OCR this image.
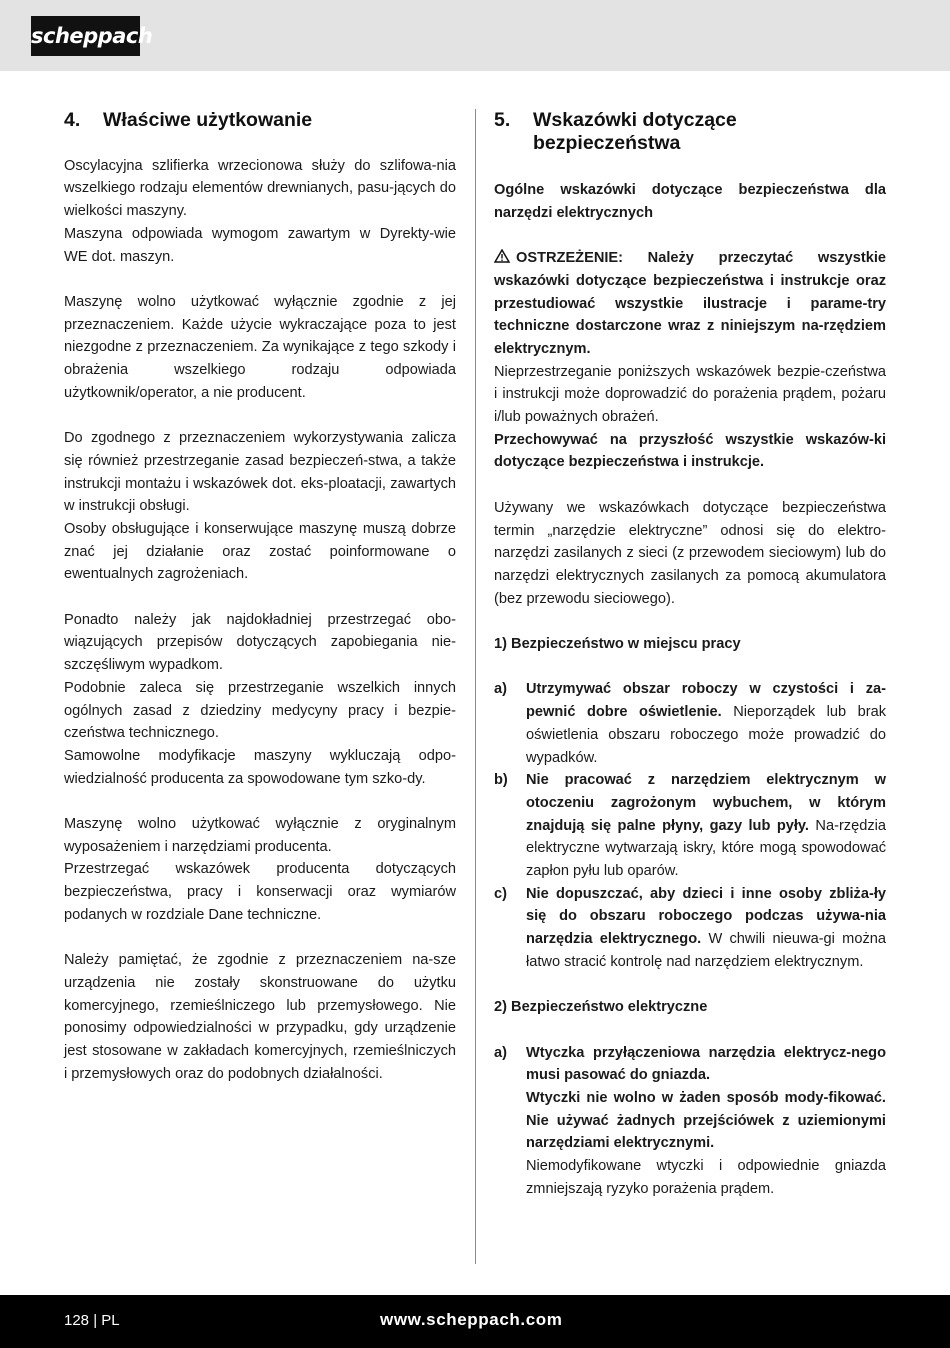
scheppach
4.	Właściwe użytkowanie

Oscylacyjna szlifierka wrzecionowa służy do szlifowa-nia wszelkiego rodzaju elementów drewnianych, pasu-jących do wielkości maszyny.

Maszyna odpowiada wymogom zawartym w Dyrekty-wie WE dot. maszyn.

Maszynę wolno użytkować wyłącznie zgodnie z jej przeznaczeniem. Każde użycie wykraczające poza to jest niezgodne z przeznaczeniem. Za wynikające z tego szkody i obrażenia wszelkiego rodzaju odpowiada użytkownik/operator, a nie producent.

Do zgodnego z przeznaczeniem wykorzystywania zalicza się również przestrzeganie zasad bezpieczeń-stwa, a także instrukcji montażu i wskazówek dot. eks-ploatacji, zawartych w instrukcji obsługi.

Osoby obsługujące i konserwujące maszynę muszą dobrze znać jej działanie oraz zostać poinformowane o ewentualnych zagrożeniach.

Ponadto należy jak najdokładniej przestrzegać obo-wiązujących przepisów dotyczących zapobiegania nie-szczęśliwym wypadkom.

Podobnie zaleca się przestrzeganie wszelkich innych ogólnych zasad z dziedziny medycyny pracy i bezpie-czeństwa technicznego.

Samowolne modyfikacje maszyny wykluczają odpo-wiedzialność producenta za spowodowane tym szko-dy.

Maszynę wolno użytkować wyłącznie z oryginalnym wyposażeniem i narzędziami producenta.

Przestrzegać wskazówek producenta dotyczących bezpieczeństwa, pracy i konserwacji oraz wymiarów podanych w rozdziale Dane techniczne.

Należy pamiętać, że zgodnie z przeznaczeniem na-sze urządzenia nie zostały skonstruowane do użytku komercyjnego, rzemieślniczego lub przemysłowego. Nie ponosimy odpowiedzialności w przypadku, gdy urządzenie jest stosowane w zakładach komercyjnych, rzemieślniczych i przemysłowych oraz do podobnych działalności.

5.	Wskazówki dotyczące bezpieczeństwa

Ogólne wskazówki dotyczące bezpieczeństwa dla narzędzi elektrycznych

OSTRZEŻENIE: Należy przeczytać wszystkie wskazówki dotyczące bezpieczeństwa i instrukcje oraz przestudiować wszystkie ilustracje i parame-try techniczne dostarczone wraz z niniejszym na-rzędziem elektrycznym.

Nieprzestrzeganie poniższych wskazówek bezpie-czeństwa i instrukcji może doprowadzić do porażenia prądem, pożaru i/lub poważnych obrażeń.

Przechowywać na przyszłość wszystkie wskazów-ki dotyczące bezpieczeństwa i instrukcje.

Używany we wskazówkach dotyczące bezpieczeństwa termin „narzędzie elektryczne” odnosi się do elektro-narzędzi zasilanych z sieci (z przewodem sieciowym) lub do narzędzi elektrycznych zasilanych za pomocą akumulatora (bez przewodu sieciowego).

1) Bezpieczeństwo w miejscu pracy

a)	Utrzymywać obszar roboczy w czystości i za-pewnić dobre oświetlenie. Nieporządek lub brak oświetlenia obszaru roboczego może prowadzić do wypadków.

b)	Nie pracować z narzędziem elektrycznym w otoczeniu zagrożonym wybuchem, w którym znajdują się palne płyny, gazy lub pyły. Na-rzędzia elektryczne wytwarzają iskry, które mogą spowodować zapłon pyłu lub oparów.

c)	Nie dopuszczać, aby dzieci i inne osoby zbliża-ły się do obszaru roboczego podczas używa-nia narzędzia elektrycznego. W chwili nieuwa-gi można łatwo stracić kontrolę nad narzędziem elektrycznym.

2) Bezpieczeństwo elektryczne

a)	Wtyczka przyłączeniowa narzędzia elektrycz-nego musi pasować do gniazda.

Wtyczki nie wolno w żaden sposób mody-fikować. Nie używać żadnych przejściówek z uziemionymi narzędziami elektrycznymi.

Niemodyfikowane wtyczki i odpowiednie gniazda zmniejszają ryzyko porażenia prądem.

128 | PL	www.scheppach.com
